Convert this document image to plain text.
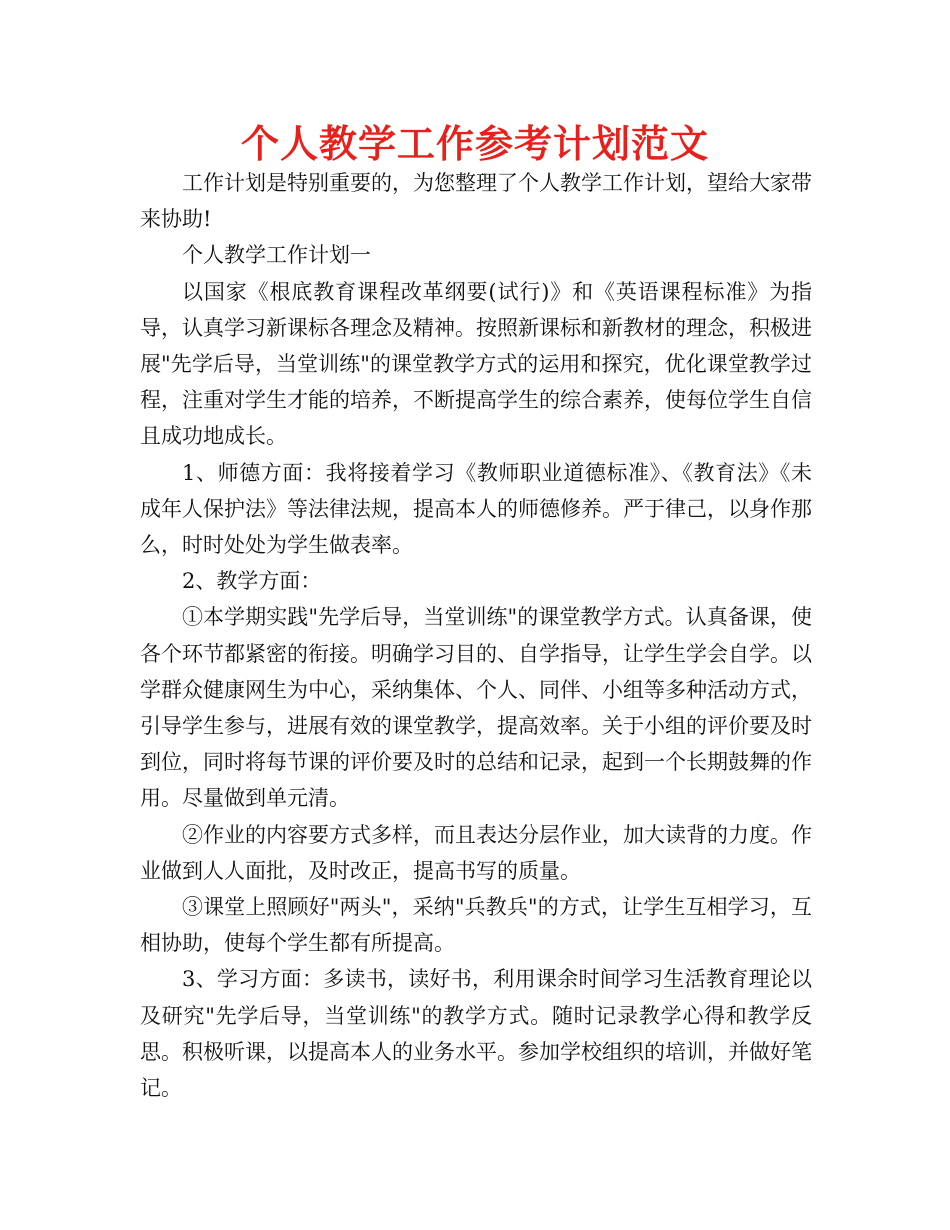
个人教学工作参考计划范文

工作计划是特别重要的，为您整理了个人教学工作计划，望给大家带来协助!

个人教学工作计划一

以国家《根底教育课程改革纲要(试行)》和《英语课程标准》为指导，认真学习新课标各理念及精神。按照新课标和新教材的理念，积极进展"先学后导，当堂训练"的课堂教学方式的运用和探究，优化课堂教学过程，注重对学生才能的培养，不断提高学生的综合素养，使每位学生自信且成功地成长。

1、师德方面：我将接着学习《教师职业道德标准》、《教育法》《未成年人保护法》等法律法规，提高本人的师德修养。严于律己，以身作那么，时时处处为学生做表率。

2、教学方面：

①本学期实践"先学后导，当堂训练"的课堂教学方式。认真备课，使各个环节都紧密的衔接。明确学习目的、自学指导，让学生学会自学。以学群众健康网生为中心，采纳集体、个人、同伴、小组等多种活动方式，引导学生参与，进展有效的课堂教学，提高效率。关于小组的评价要及时到位，同时将每节课的评价要及时的总结和记录，起到一个长期鼓舞的作用。尽量做到单元清。

②作业的内容要方式多样，而且表达分层作业，加大读背的力度。作业做到人人面批，及时改正，提高书写的质量。

③课堂上照顾好"两头"，采纳"兵教兵"的方式，让学生互相学习，互相协助，使每个学生都有所提高。

3、学习方面：多读书，读好书，利用课余时间学习生活教育理论以及研究"先学后导，当堂训练"的教学方式。随时记录教学心得和教学反思。积极听课，以提高本人的业务水平。参加学校组织的培训，并做好笔记。
